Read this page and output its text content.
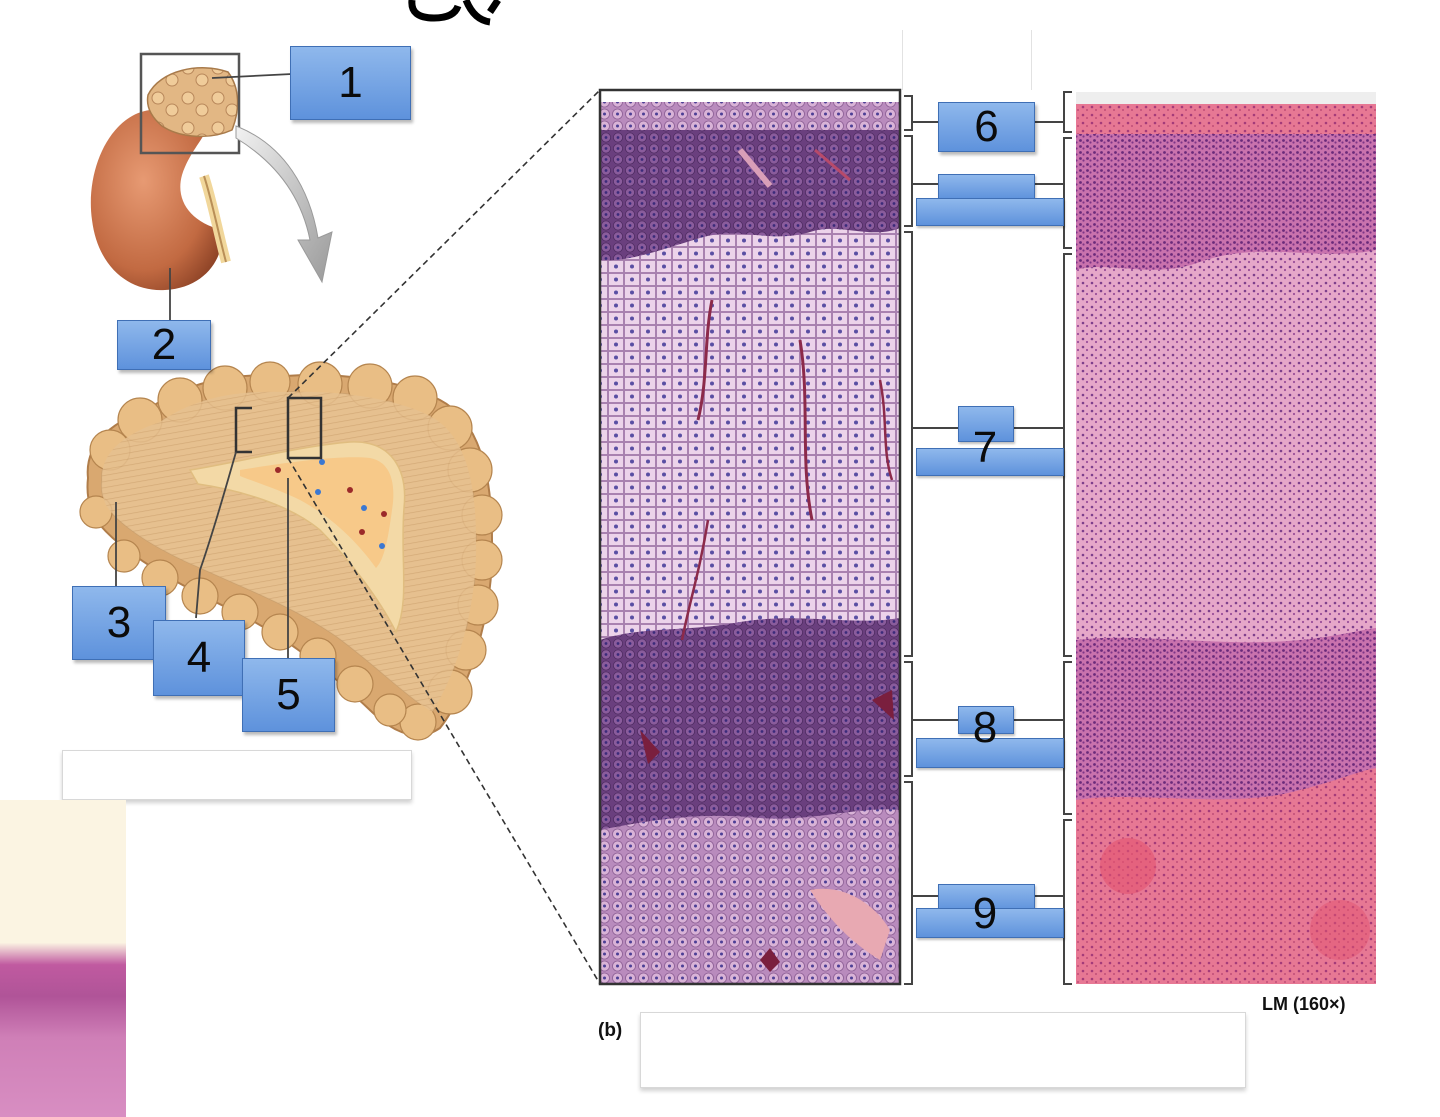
1
2
3
4
5
6
7
8
9
(b)
LM (160×)
